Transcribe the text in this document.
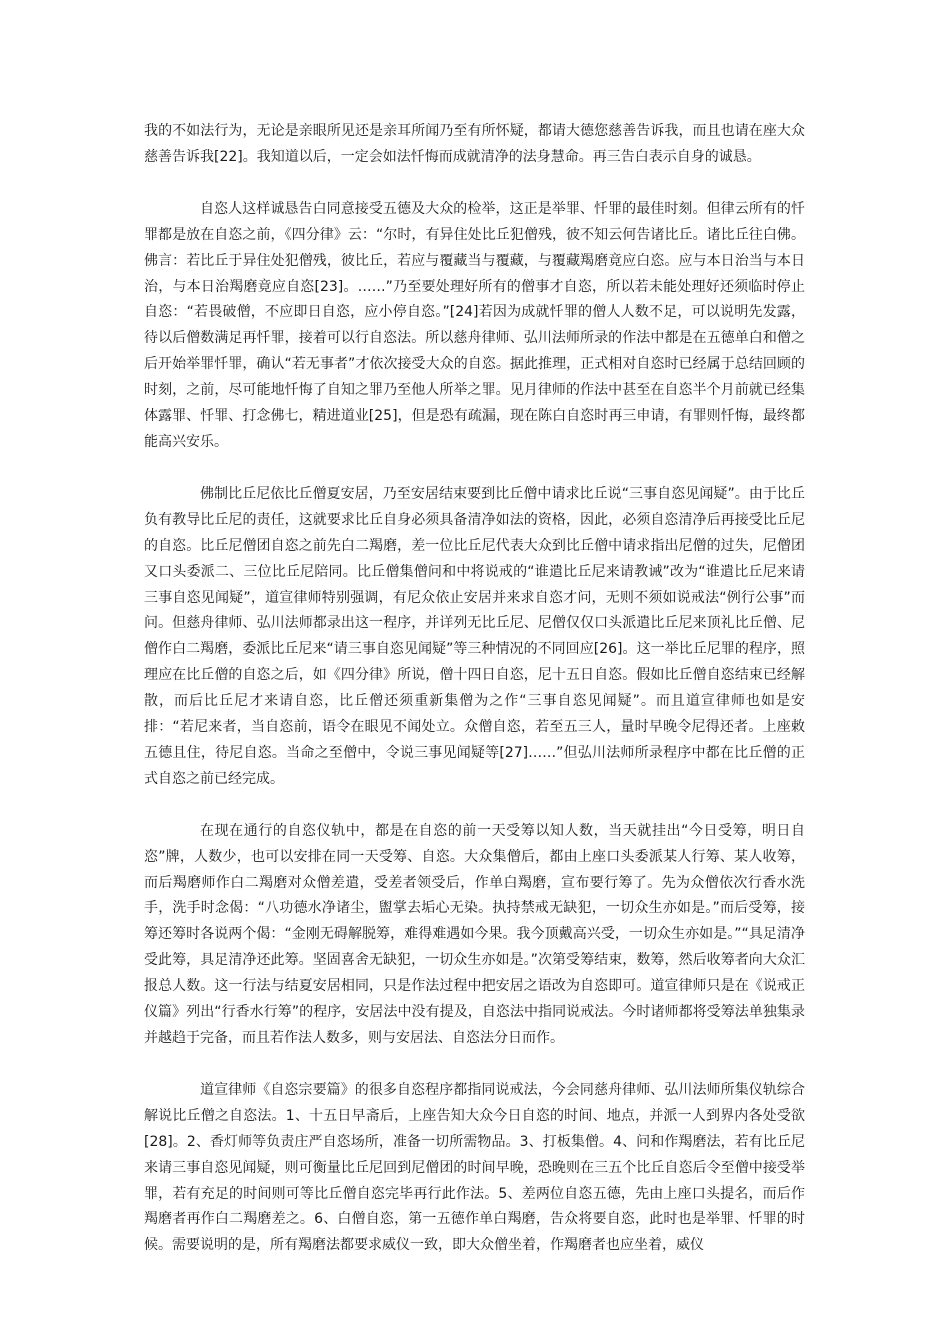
我的不如法行为，无论是亲眼所见还是亲耳所闻乃至有所怀疑，都请大德您慈善告诉我，而且也请在座大众慈善告诉我[22]。我知道以后，一定会如法忏悔而成就清净的法身慧命。再三告白表示自身的诚恳。

自恣人这样诚恳告白同意接受五德及大众的检举，这正是举罪、忏罪的最佳时刻。但律云所有的忏罪都是放在自恣之前，《四分律》云：“尔时，有异住处比丘犯僧残，彼不知云何告诸比丘。诸比丘往白佛。佛言：若比丘于异住处犯僧残，彼比丘，若应与覆藏当与覆藏，与覆藏羯磨竟应白恣。应与本日治当与本日治，与本日治羯磨竟应自恣[23]。……”乃至要处理好所有的僧事才自恣，所以若未能处理好还须临时停止自恣：“若畏破僧，不应即日自恣，应小停自恣。”[24]若因为成就忏罪的僧人人数不足，可以说明先发露，待以后僧数满足再忏罪，接着可以行自恣法。所以慈舟律师、弘川法师所录的作法中都是在五德单白和僧之后开始举罪忏罪，确认“若无事者”才依次接受大众的自恣。据此推理，正式相对自恣时已经属于总结回顾的时刻，之前，尽可能地忏悔了自知之罪乃至他人所举之罪。见月律师的作法中甚至在自恣半个月前就已经集体露罪、忏罪、打念佛七，精进道业[25]，但是恐有疏漏，现在陈白自恣时再三申请，有罪则忏悔，最终都能高兴安乐。

佛制比丘尼依比丘僧夏安居，乃至安居结束要到比丘僧中请求比丘说“三事自恣见闻疑”。由于比丘负有教导比丘尼的责任，这就要求比丘自身必须具备清净如法的资格，因此，必须自恣清净后再接受比丘尼的自恣。比丘尼僧团自恣之前先白二羯磨，差一位比丘尼代表大众到比丘僧中请求指出尼僧的过失，尼僧团又口头委派二、三位比丘尼陪同。比丘僧集僧问和中将说戒的“谁遣比丘尼来请教诫”改为“谁遣比丘尼来请三事自恣见闻疑”，道宣律师特别强调，有尼众依止安居并来求自恣才问，无则不须如说戒法“例行公事”而问。但慈舟律师、弘川法师都录出这一程序，并详列无比丘尼、尼僧仅仅口头派遣比丘尼来顶礼比丘僧、尼僧作白二羯磨，委派比丘尼来“请三事自恣见闻疑”等三种情况的不同回应[26]。这一举比丘尼罪的程序，照理应在比丘僧的自恣之后，如《四分律》所说，僧十四日自恣，尼十五日自恣。假如比丘僧自恣结束已经解散，而后比丘尼才来请自恣，比丘僧还须重新集僧为之作“三事自恣见闻疑”。而且道宣律师也如是安排：“若尼来者，当自恣前，语令在眼见不闻处立。众僧自恣，若至五三人，量时早晚令尼得还者。上座敕五德且住，待尼自恣。当命之至僧中，令说三事见闻疑等[27]……”但弘川法师所录程序中都在比丘僧的正式自恣之前已经完成。

在现在通行的自恣仪轨中，都是在自恣的前一天受筹以知人数，当天就挂出“今日受筹，明日自恣”牌，人数少，也可以安排在同一天受筹、自恣。大众集僧后，都由上座口头委派某人行筹、某人收筹，而后羯磨师作白二羯磨对众僧差遣，受差者领受后，作单白羯磨，宣布要行筹了。先为众僧依次行香水洗手，洗手时念偈：“八功德水净诸尘，盥掌去垢心无染。执持禁戒无缺犯，一切众生亦如是。”而后受筹，接筹还筹时各说两个偈：“金刚无碍解脱筹，难得难遇如今果。我今顶戴高兴受，一切众生亦如是。”“具足清净受此筹，具足清净还此筹。坚固喜舍无缺犯，一切众生亦如是。”次第受筹结束，数筹，然后收筹者向大众汇报总人数。这一行法与结夏安居相同，只是作法过程中把安居之语改为自恣即可。道宣律师只是在《说戒正仪篇》列出“行香水行筹”的程序，安居法中没有提及，自恣法中指同说戒法。今时诸师都将受筹法单独集录并越趋于完备，而且若作法人数多，则与安居法、自恣法分日而作。

道宣律师《自恣宗要篇》的很多自恣程序都指同说戒法，今会同慈舟律师、弘川法师所集仪轨综合解说比丘僧之自恣法。1、十五日早斋后，上座告知大众今日自恣的时间、地点，并派一人到界内各处受欲[28]。2、香灯师等负责庄严自恣场所，准备一切所需物品。3、打板集僧。4、问和作羯磨法，若有比丘尼来请三事自恣见闻疑，则可衡量比丘尼回到尼僧团的时间早晚，恐晚则在三五个比丘自恣后令至僧中接受举罪，若有充足的时间则可等比丘僧自恣完毕再行此作法。5、差两位自恣五德，先由上座口头提名，而后作羯磨者再作白二羯磨差之。6、白僧自恣，第一五德作单白羯磨，告众将要自恣，此时也是举罪、忏罪的时候。需要说明的是，所有羯磨法都要求威仪一致，即大众僧坐着，作羯磨者也应坐着，威仪
